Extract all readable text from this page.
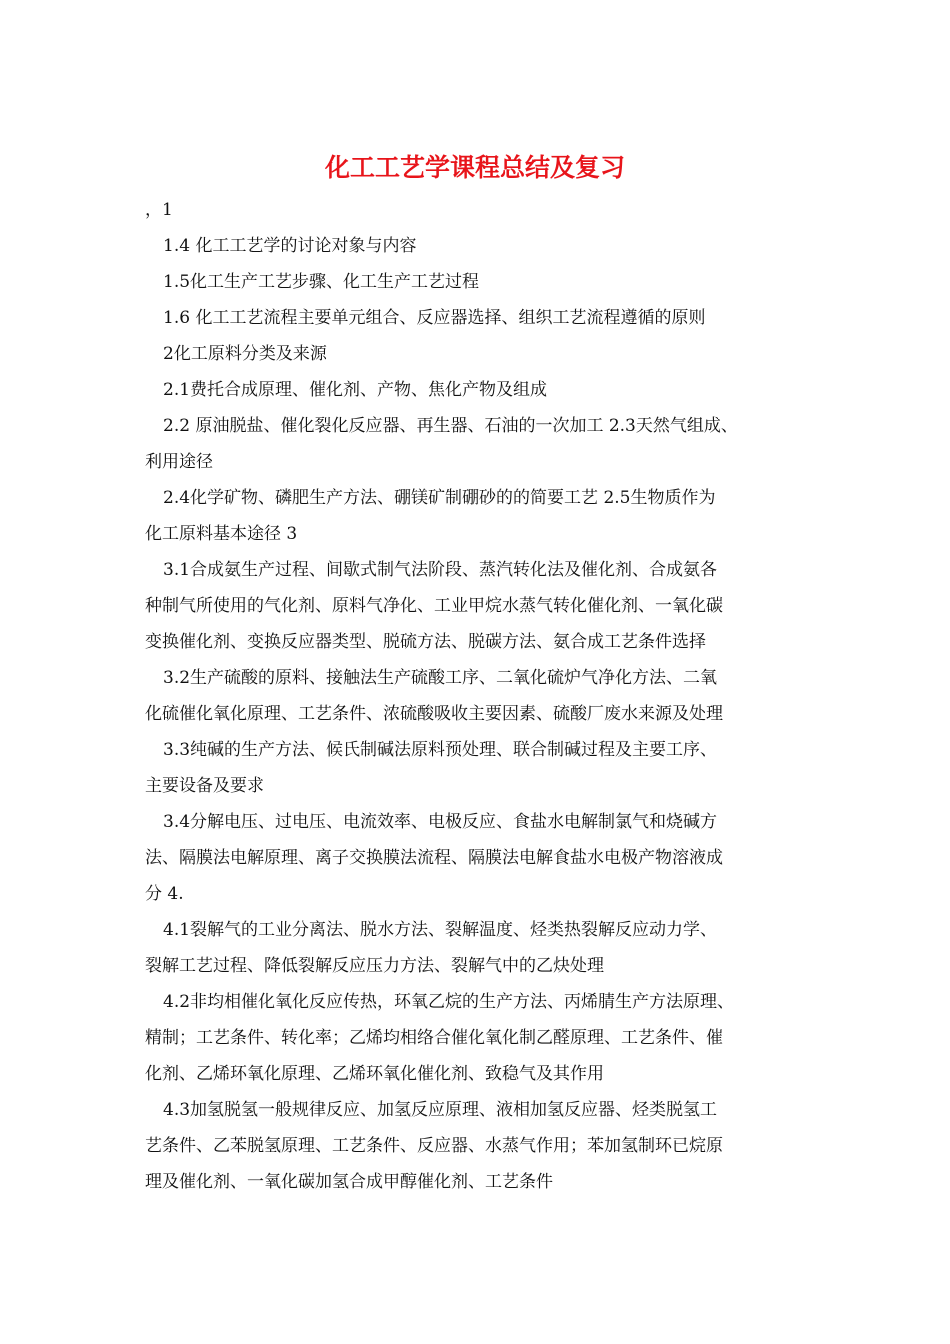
化工工艺学课程总结及复习
，1
1.4 化工工艺学的讨论对象与内容
1.5化工生产工艺步骤、化工生产工艺过程
1.6 化工工艺流程主要单元组合、反应器选择、组织工艺流程遵循的原则
2化工原料分类及来源
2.1费托合成原理、催化剂、产物、焦化产物及组成
2.2 原油脱盐、催化裂化反应器、再生器、石油的一次加工 2.3天然气组成、
利用途径
2.4化学矿物、磷肥生产方法、硼镁矿制硼砂的的简要工艺 2.5生物质作为
化工原料基本途径 3
3.1合成氨生产过程、间歇式制气法阶段、蒸汽转化法及催化剂、合成氨各
种制气所使用的气化剂、原料气净化、工业甲烷水蒸气转化催化剂、一氧化碳
变换催化剂、变换反应器类型、脱硫方法、脱碳方法、氨合成工艺条件选择
3.2生产硫酸的原料、接触法生产硫酸工序、二氧化硫炉气净化方法、二氧
化硫催化氧化原理、工艺条件、浓硫酸吸收主要因素、硫酸厂废水来源及处理
3.3纯碱的生产方法、候氏制碱法原料预处理、联合制碱过程及主要工序、
主要设备及要求
3.4分解电压、过电压、电流效率、电极反应、食盐水电解制氯气和烧碱方
法、隔膜法电解原理、离子交换膜法流程、隔膜法电解食盐水电极产物溶液成
分 4.
4.1裂解气的工业分离法、脱水方法、裂解温度、烃类热裂解反应动力学、
裂解工艺过程、降低裂解反应压力方法、裂解气中的乙炔处理
4.2非均相催化氧化反应传热，环氧乙烷的生产方法、丙烯腈生产方法原理、
精制；工艺条件、转化率；乙烯均相络合催化氧化制乙醛原理、工艺条件、催
化剂、乙烯环氧化原理、乙烯环氧化催化剂、致稳气及其作用
4.3加氢脱氢一般规律反应、加氢反应原理、液相加氢反应器、烃类脱氢工
艺条件、乙苯脱氢原理、工艺条件、反应器、水蒸气作用；苯加氢制环已烷原
理及催化剂、一氧化碳加氢合成甲醇催化剂、工艺条件
